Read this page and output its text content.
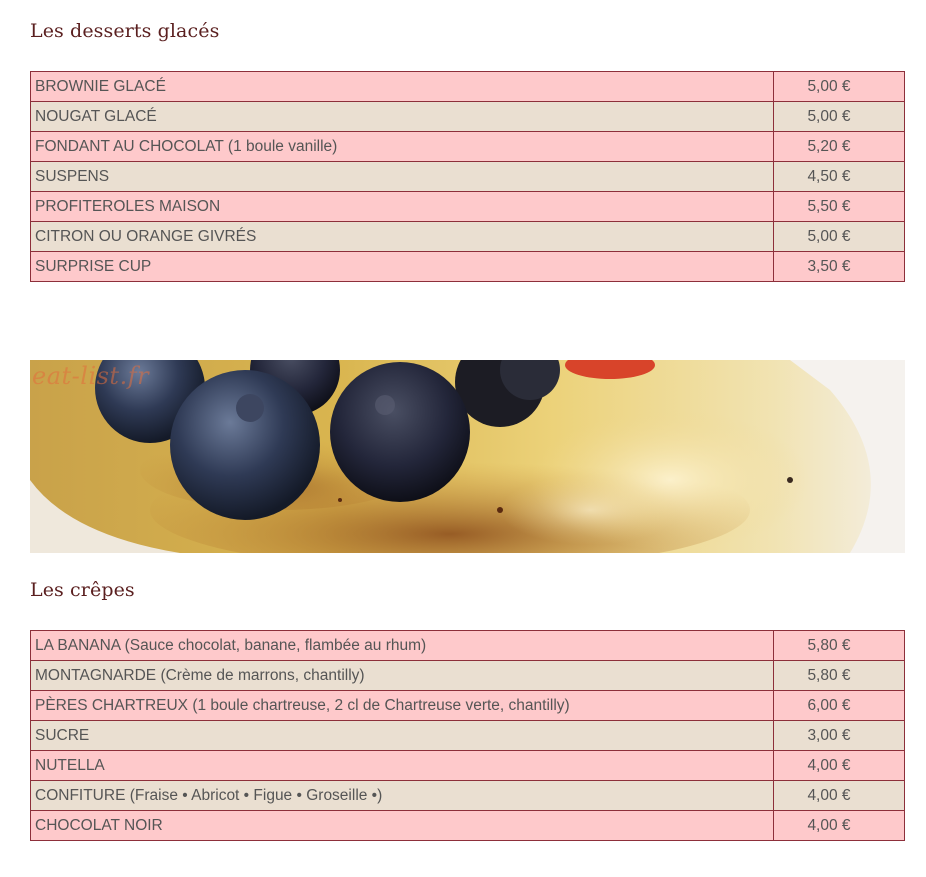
Les desserts glacés
BROWNIE GLACÉ	5,00 €
NOUGAT GLACÉ	5,00 €
FONDANT AU CHOCOLAT (1 boule vanille)	5,20 €
SUSPENS	4,50 €
PROFITEROLES MAISON	5,50 €
CITRON OU ORANGE GIVRÉS	5,00 €
SURPRISE CUP	3,50 €
eat-list.fr
Les crêpes
LA BANANA (Sauce chocolat, banane, flambée au rhum)	5,80 €
MONTAGNARDE (Crème de marrons, chantilly)	5,80 €
PÈRES CHARTREUX (1 boule chartreuse, 2 cl de Chartreuse verte, chantilly)	6,00 €
SUCRE	3,00 €
NUTELLA	4,00 €
CONFITURE (Fraise • Abricot • Figue • Groseille •)	4,00 €
CHOCOLAT NOIR	4,00 €
